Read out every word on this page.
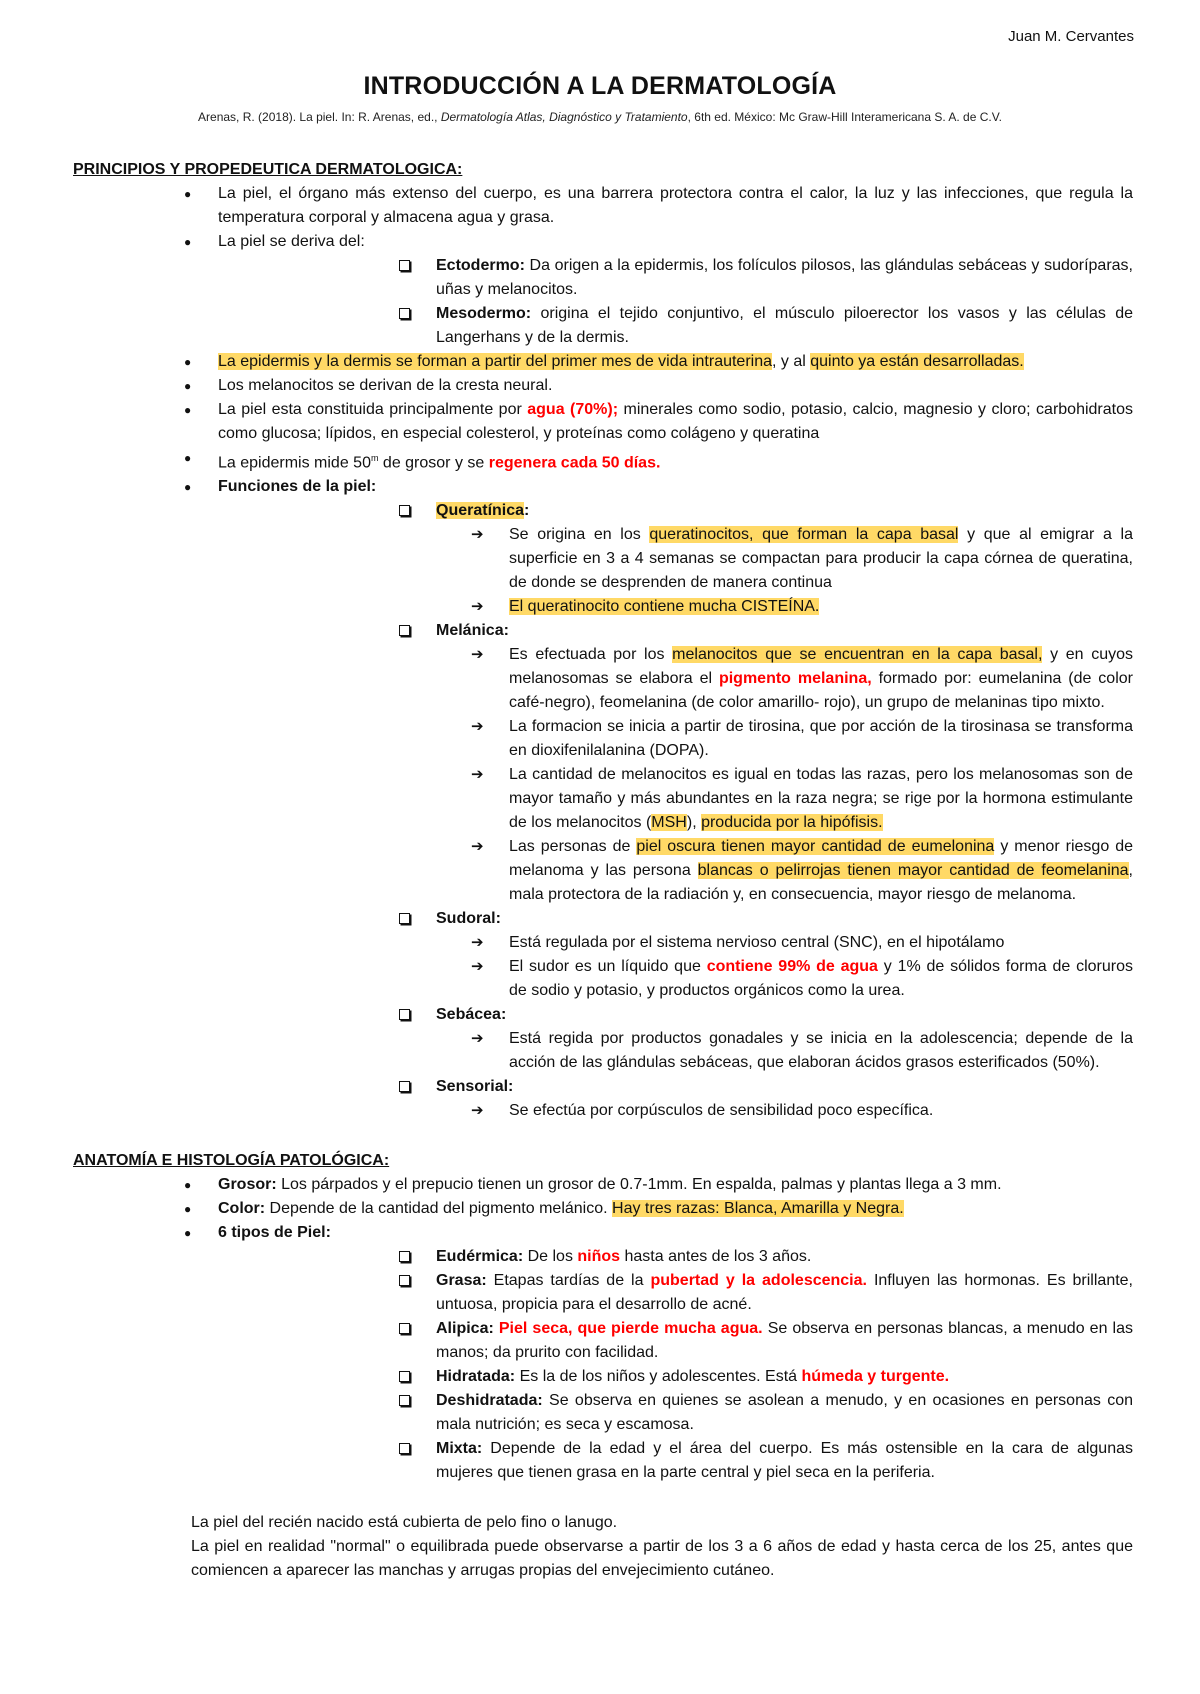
Juan M. Cervantes
INTRODUCCIÓN A LA DERMATOLOGÍA
Arenas, R. (2018). La piel. In: R. Arenas, ed., Dermatología Atlas, Diagnóstico y Tratamiento, 6th ed. México: Mc Graw-Hill Interamericana S. A. de C.V.

PRINCIPIOS Y PROPEDEUTICA DERMATOLOGICA:

● La piel, el órgano más extenso del cuerpo, es una barrera protectora contra el calor, la luz y las infecciones, que regula la temperatura corporal y almacena agua y grasa.
● La piel se deriva del:
Ectodermo: Da origen a la epidermis, los folículos pilosos, las glándulas sebáceas y sudoríparas, uñas y melanocitos.
Mesodermo: origina el tejido conjuntivo, el músculo piloerector los vasos y las células de Langerhans y de la dermis.
● La epidermis y la dermis se forman a partir del primer mes de vida intrauterina, y al quinto ya están desarrolladas.
● Los melanocitos se derivan de la cresta neural.
● La piel esta constituida principalmente por agua (70%); minerales como sodio, potasio, calcio, magnesio y cloro; carbohidratos como glucosa; lípidos, en especial colesterol, y proteínas como colágeno y queratina
● La epidermis mide 50$^m$ de grosor y se regenera cada 50 días.
● Funciones de la piel:
Queratínica:
➔ Se origina en los queratinocitos, que forman la capa basal y que al emigrar a la superficie en 3 a 4 semanas se compactan para producir la capa córnea de queratina, de donde se desprenden de manera continua
➔ El queratinocito contiene mucha CISTEÍNA.
Melánica:
➔ Es efectuada por los melanocitos que se encuentran en la capa basal, y en cuyos melanosomas se elabora el pigmento melanina, formado por: eumelanina (de color café-negro), feomelanina (de color amarillo- rojo), un grupo de melaninas tipo mixto.
➔ La formacion se inicia a partir de tirosina, que por acción de la tirosinasa se transforma en dioxifenilalanina (DOPA).
➔ La cantidad de melanocitos es igual en todas las razas, pero los melanosomas son de mayor tamaño y más abundantes en la raza negra; se rige por la hormona estimulante de los melanocitos (MSH), producida por la hipófisis.
➔ Las personas de piel oscura tienen mayor cantidad de eumelonina y menor riesgo de melanoma y las persona blancas o pelirrojas tienen mayor cantidad de feomelanina, mala protectora de la radiación y, en consecuencia, mayor riesgo de melanoma.
Sudoral:
➔ Está regulada por el sistema nervioso central (SNC), en el hipotálamo
➔ El sudor es un líquido que contiene 99% de agua y 1% de sólidos forma de cloruros de sodio y potasio, y productos orgánicos como la urea.
Sebácea:
➔ Está regida por productos gonadales y se inicia en la adolescencia; depende de la acción de las glándulas sebáceas, que elaboran ácidos grasos esterificados (50%).
Sensorial:
➔ Se efectúa por corpúsculos de sensibilidad poco específica.

ANATOMÍA E HISTOLOGÍA PATOLÓGICA:

● Grosor: Los párpados y el prepucio tienen un grosor de 0.7-1mm. En espalda, palmas y plantas llega a 3 mm.
● Color: Depende de la cantidad del pigmento melánico. Hay tres razas: Blanca, Amarilla y Negra.
● 6 tipos de Piel:
Eudérmica: De los niños hasta antes de los 3 años.
Grasa: Etapas tardías de la pubertad y la adolescencia. Influyen las hormonas. Es brillante, untuosa, propicia para el desarrollo de acné.
Alipica: Piel seca, que pierde mucha agua. Se observa en personas blancas, a menudo en las manos; da prurito con facilidad.
Hidratada: Es la de los niños y adolescentes. Está húmeda y turgente.
Deshidratada: Se observa en quienes se asolean a menudo, y en ocasiones en personas con mala nutrición; es seca y escamosa.
Mixta: Depende de la edad y el área del cuerpo. Es más ostensible en la cara de algunas mujeres que tienen grasa en la parte central y piel seca en la periferia.
La piel del recién nacido está cubierta de pelo fino o lanugo.
La piel en realidad "normal" o equilibrada puede observarse a partir de los 3 a 6 años de edad y hasta cerca de los 25, antes que comiencen a aparecer las manchas y arrugas propias del envejecimiento cutáneo.
